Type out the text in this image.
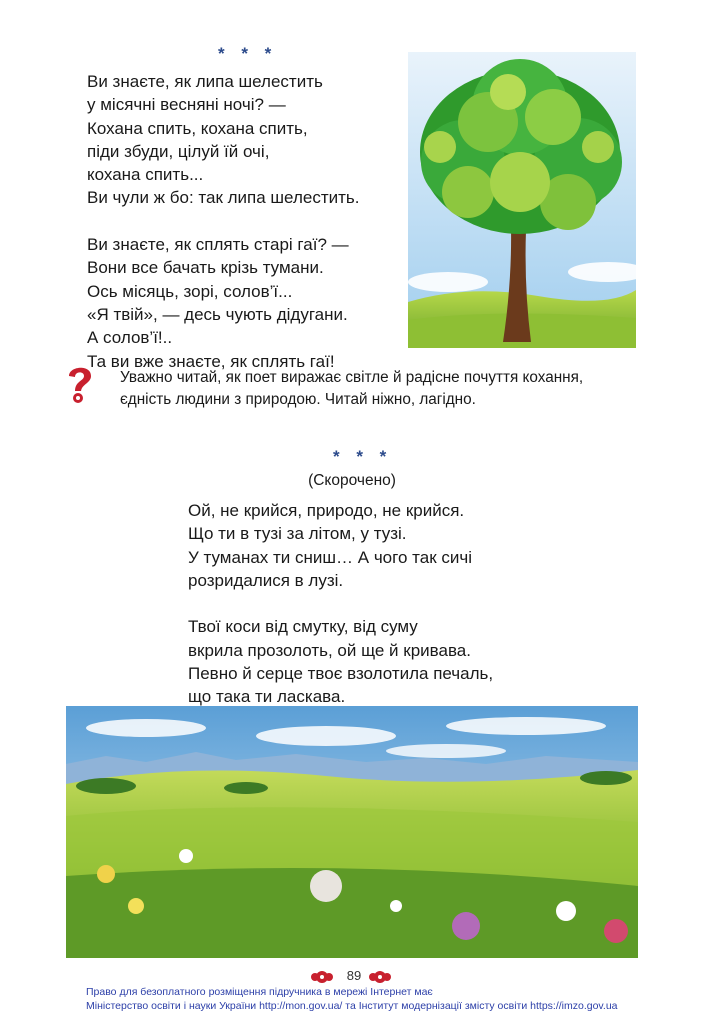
* * *
Ви знаєте, як липа шелестить
у місячні весняні ночі? —
Кохана спить, кохана спить,
піди збуди, цілуй їй очі,
кохана спить...
Ви чули ж бо: так липа шелестить.
Ви знаєте, як сплять старі гаї? —
Вони все бачать крізь тумани.
Ось місяць, зорі, солов’ї...
«Я твій», — десь чують дідугани.
А солов’ї!..
Та ви вже знаєте, як сплять гаї!
Уважно читай, як поет виражає світле й радісне почуття кохання,
єдність людини з природою. Читай ніжно, лагідно.
* * *
(Скорочено)
Ой, не крийся, природо, не крийся.
Що ти в тузі за літом, у тузі.
У туманах ти сниш… А чого так сичі
розридалися в лузі.
Твої коси від смутку, від суму
вкрила прозолоть, ой ще й кривава.
Певно й серце твоє взолотила печаль,
що така ти ласкава.
89
Право для безоплатного розміщення підручника в мережі Інтернет має
Міністерство освіти і науки України http://mon.gov.ua/ та Інститут модернізації змісту освіти https://imzo.gov.ua
